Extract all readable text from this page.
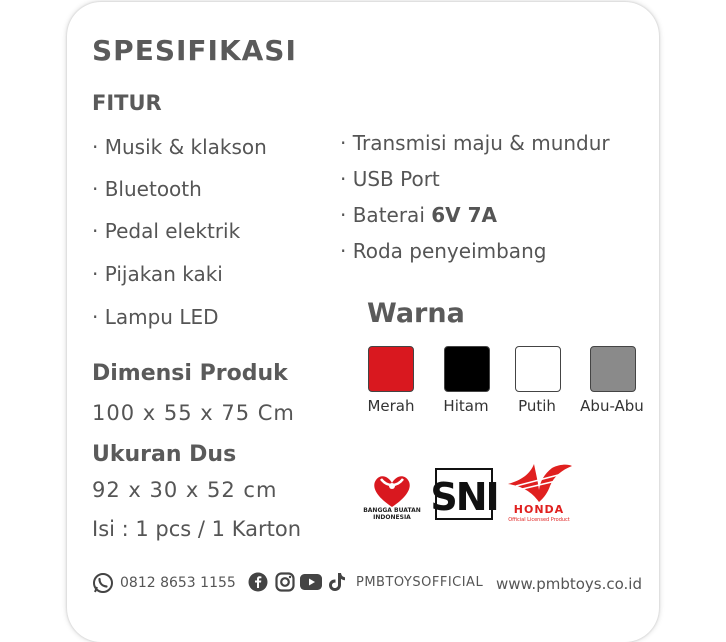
SPESIFIKASI
FITUR
· Musik & klakson
· Bluetooth
· Pedal elektrik
· Pijakan kaki
· Lampu LED
· Transmisi maju & mundur
· USB Port
· Baterai 6V 7A
· Roda penyeimbang
Dimensi Produk
100 x 55 x 75 Cm
Ukuran Dus
92 x 30 x 52 cm
Isi : 1 pcs / 1 Karton
Warna
Merah	Hitam	Putih	Abu-Abu
BANGGA BUATAN
INDONESIA SNI	HONDA
Official Licensed Product
0812 8653 1155	PMBTOYSOFFICIAL www.pmbtoys.co.id
